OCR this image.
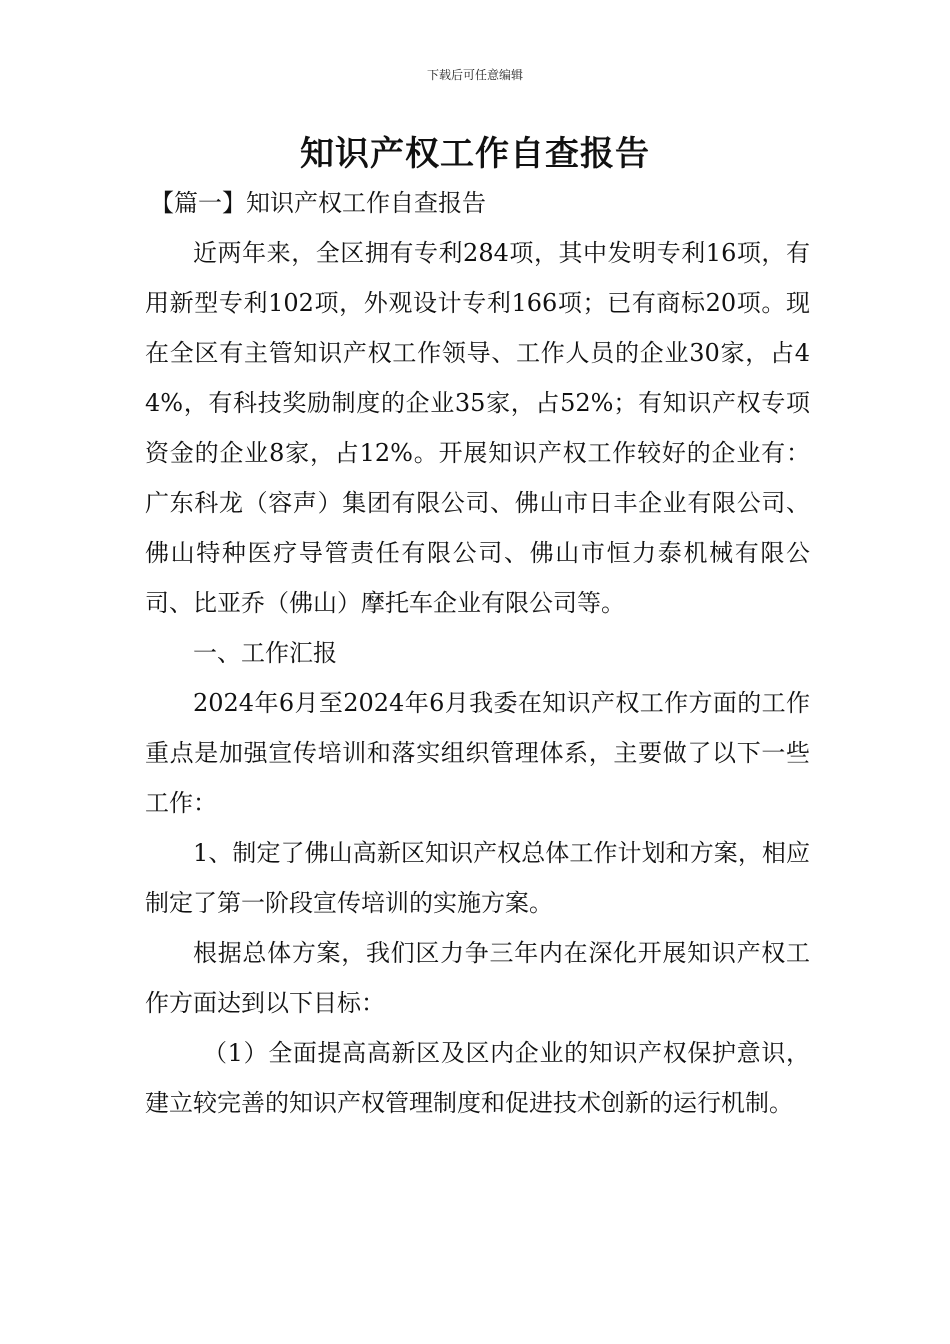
下载后可任意编辑
知识产权工作自查报告
【篇一】知识产权工作自查报告

近两年来，全区拥有专利284项，其中发明专利16项，有用新型专利102项，外观设计专利166项；已有商标20项。现在全区有主管知识产权工作领导、工作人员的企业30家，占44%，有科技奖励制度的企业35家，占52%；有知识产权专项资金的企业8家，占12%。开展知识产权工作较好的企业有：广东科龙（容声）集团有限公司、佛山市日丰企业有限公司、佛山特种医疗导管责任有限公司、佛山市恒力泰机械有限公司、比亚乔（佛山）摩托车企业有限公司等。

一、工作汇报

2024年6月至2024年6月我委在知识产权工作方面的工作重点是加强宣传培训和落实组织管理体系，主要做了以下一些工作：

1、制定了佛山高新区知识产权总体工作计划和方案，相应制定了第一阶段宣传培训的实施方案。

根据总体方案，我们区力争三年内在深化开展知识产权工作方面达到以下目标：

（1）全面提高高新区及区内企业的知识产权保护意识，建立较完善的知识产权管理制度和促进技术创新的运行机制。
